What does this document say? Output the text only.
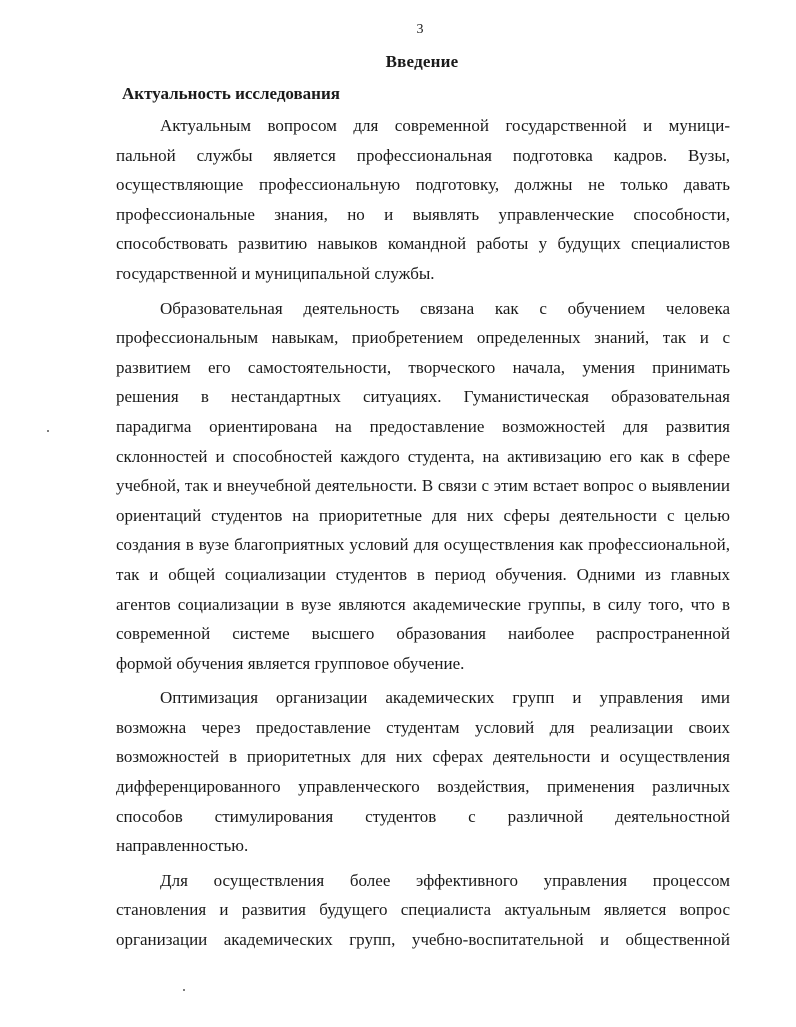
3
Введение
Актуальность исследования
Актуальным вопросом для современной государственной и муници-
пальной службы является профессиональная подготовка кадров. Вузы,
осуществляющие профессиональную подготовку, должны не только давать
профессиональные знания, но и выявлять управленческие способности,
способствовать развитию навыков командной работы у будущих специалистов
государственной и муниципальной службы.
Образовательная деятельность связана как с обучением человека
профессиональным навыкам, приобретением определенных знаний, так и с
развитием его самостоятельности, творческого начала, умения принимать
решения в нестандартных ситуациях. Гуманистическая образовательная
парадигма ориентирована на предоставление возможностей для развития
склонностей и способностей каждого студента, на активизацию его как в сфере
учебной, так и внеучебной деятельности. В связи с этим встает вопрос о выявлении
ориентаций студентов на приоритетные для них сферы деятельности с целью
создания в вузе благоприятных условий для осуществления как профессиональной,
так и общей социализации студентов в период обучения. Одними из главных
агентов социализации в вузе являются академические группы, в силу того, что в
современной системе высшего образования наиболее распространенной
формой обучения является групповое обучение.
Оптимизация организации академических групп и управления ими
возможна через предоставление студентам условий для реализации своих
возможностей в приоритетных для них сферах деятельности и осуществления
дифференцированного управленческого воздействия, применения различных
способов стимулирования студентов с различной деятельностной
направленностью.
Для осуществления более эффективного управления процессом
становления и развития будущего специалиста актуальным является вопрос
организации академических групп, учебно-воспитательной и общественной
